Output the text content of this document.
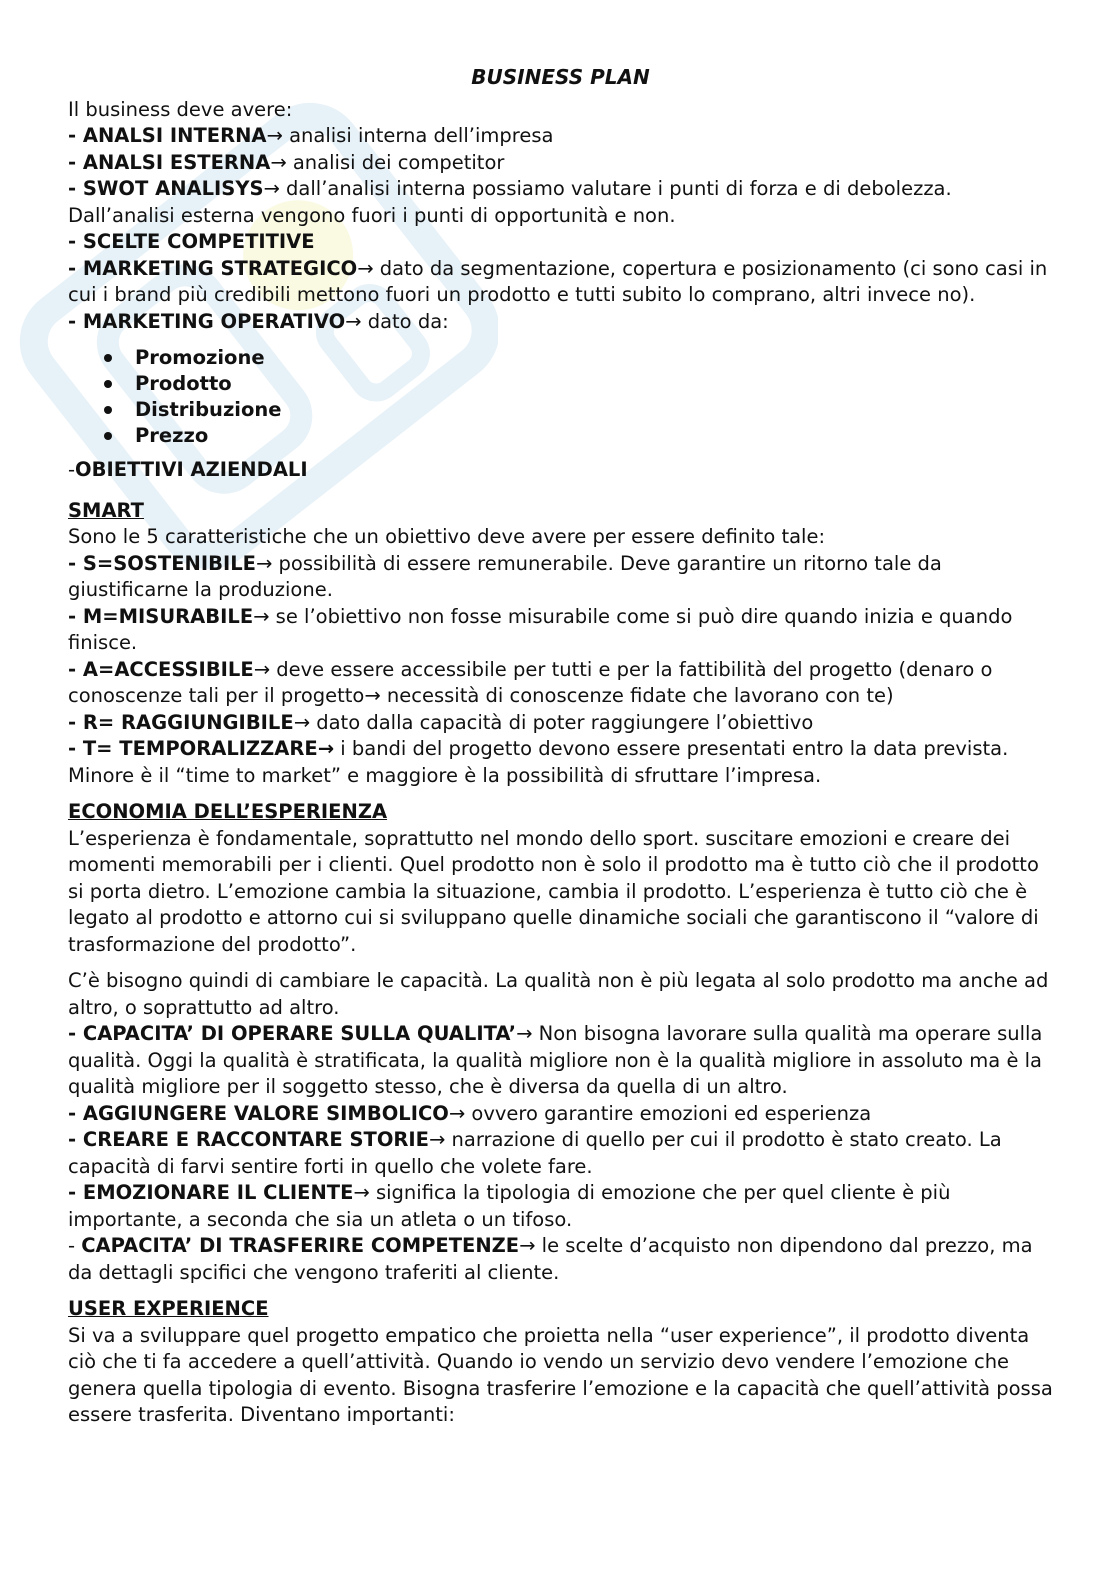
BUSINESS PLAN

Il business deve avere:

- ANALSI INTERNA→ analisi interna dell’impresa

- ANALSI ESTERNA→ analisi dei competitor

- SWOT ANALISYS→ dall’analisi interna possiamo valutare i punti di forza e di debolezza. Dall’analisi esterna vengono fuori i punti di opportunità e non.

- SCELTE COMPETITIVE

- MARKETING STRATEGICO→ dato da segmentazione, copertura e posizionamento (ci sono casi in cui i brand più credibili mettono fuori un prodotto e tutti subito lo comprano, altri invece no).

- MARKETING OPERATIVO→ dato da:

Promozione
Prodotto
Distribuzione
Prezzo

-OBIETTIVI AZIENDALI

SMART

Sono le 5 caratteristiche che un obiettivo deve avere per essere definito tale:

- S=SOSTENIBILE→ possibilità di essere remunerabile. Deve garantire un ritorno tale da giustificarne la produzione.

- M=MISURABILE→ se l’obiettivo non fosse misurabile come si può dire quando inizia e quando finisce.

- A=ACCESSIBILE→ deve essere accessibile per tutti e per la fattibilità del progetto (denaro o conoscenze tali per il progetto→ necessità di conoscenze fidate che lavorano con te)

- R= RAGGIUNGIBILE→ dato dalla capacità di poter raggiungere l’obiettivo

- T= TEMPORALIZZARE→ i bandi del progetto devono essere presentati entro la data prevista. Minore è il “time to market” e maggiore è la possibilità di sfruttare l’impresa.

ECONOMIA DELL’ESPERIENZA

L’esperienza è fondamentale, soprattutto nel mondo dello sport. suscitare emozioni e creare dei momenti memorabili per i clienti. Quel prodotto non è solo il prodotto ma è tutto ciò che il prodotto si porta dietro. L’emozione cambia la situazione, cambia il prodotto. L’esperienza è tutto ciò che è legato al prodotto e attorno cui si sviluppano quelle dinamiche sociali che garantiscono il “valore di trasformazione del prodotto”.

C’è bisogno quindi di cambiare le capacità. La qualità non è più legata al solo prodotto ma anche ad altro, o soprattutto ad altro.

- CAPACITA’ DI OPERARE SULLA QUALITA’→ Non bisogna lavorare sulla qualità ma operare sulla qualità. Oggi la qualità è stratificata, la qualità migliore non è la qualità migliore in assoluto ma è la qualità migliore per il soggetto stesso, che è diversa da quella di un altro.

- AGGIUNGERE VALORE SIMBOLICO→ ovvero garantire emozioni ed esperienza

- CREARE E RACCONTARE STORIE→ narrazione di quello per cui il prodotto è stato creato. La capacità di farvi sentire forti in quello che volete fare.

- EMOZIONARE IL CLIENTE→ significa la tipologia di emozione che per quel cliente è più importante, a seconda che sia un atleta o un tifoso.

- CAPACITA’ DI TRASFERIRE COMPETENZE→ le scelte d’acquisto non dipendono dal prezzo, ma da dettagli spcifici che vengono traferiti al cliente.

USER EXPERIENCE

Si va a sviluppare quel progetto empatico che proietta nella “user experience”, il prodotto diventa ciò che ti fa accedere a quell’attività. Quando io vendo un servizio devo vendere l’emozione che genera quella tipologia di evento. Bisogna trasferire l’emozione e la capacità che quell’attività possa essere trasferita. Diventano importanti:
